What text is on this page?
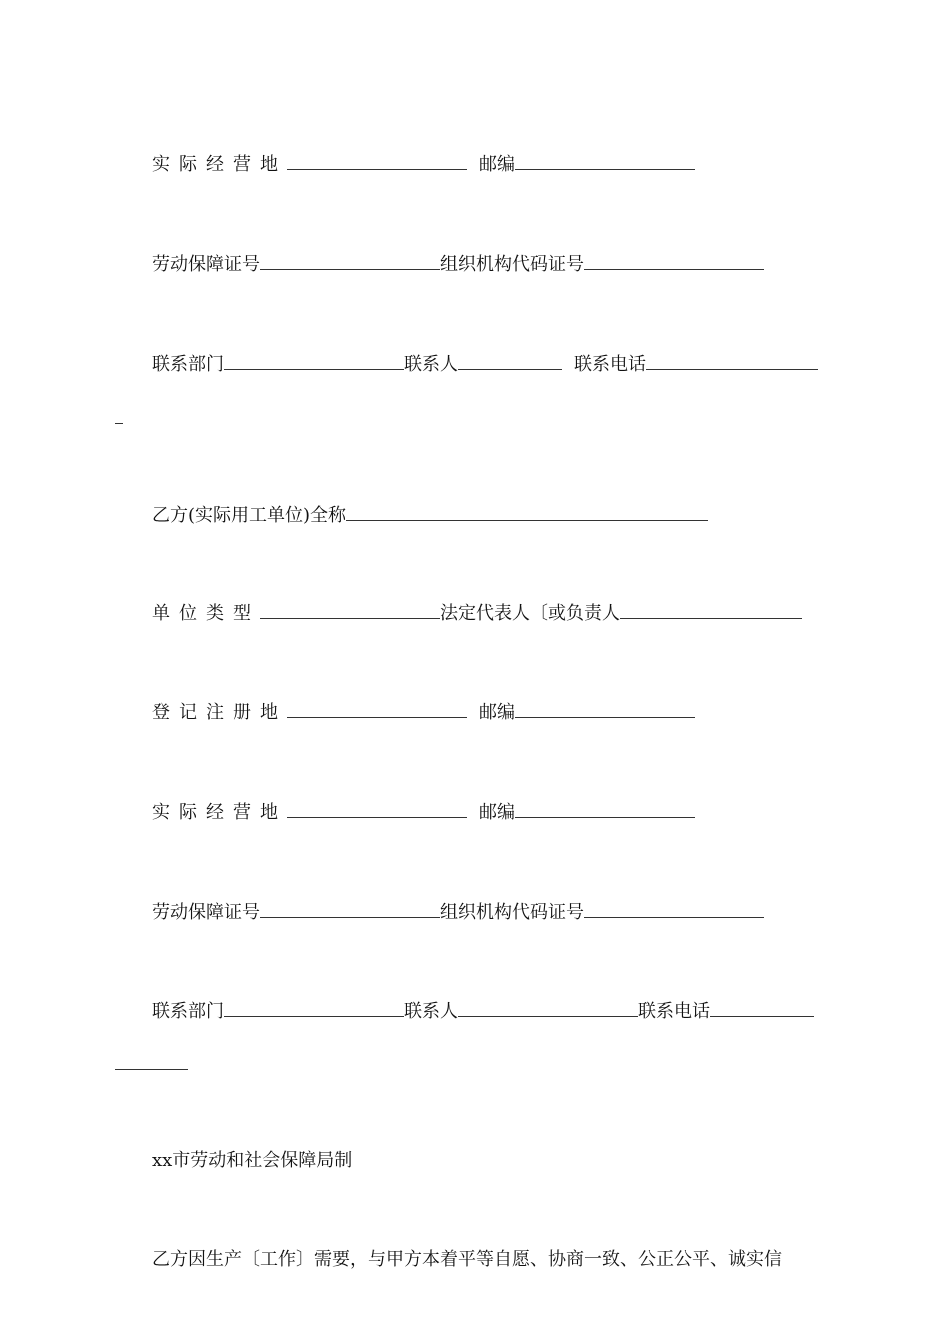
实际经营地	邮编
劳动保障证号	组织机构代码证号
联系部门	联系人	联系电话
乙方(实际用工单位)全称
单位类型	法定代表人〔或负责人
登记注册地	邮编
实际经营地	邮编
劳动保障证号	组织机构代码证号
联系部门	联系人	联系电话
xx市劳动和社会保障局制
乙方因生产〔工作〕需要，与甲方本着平等自愿、协商一致、公正公平、诚实信
